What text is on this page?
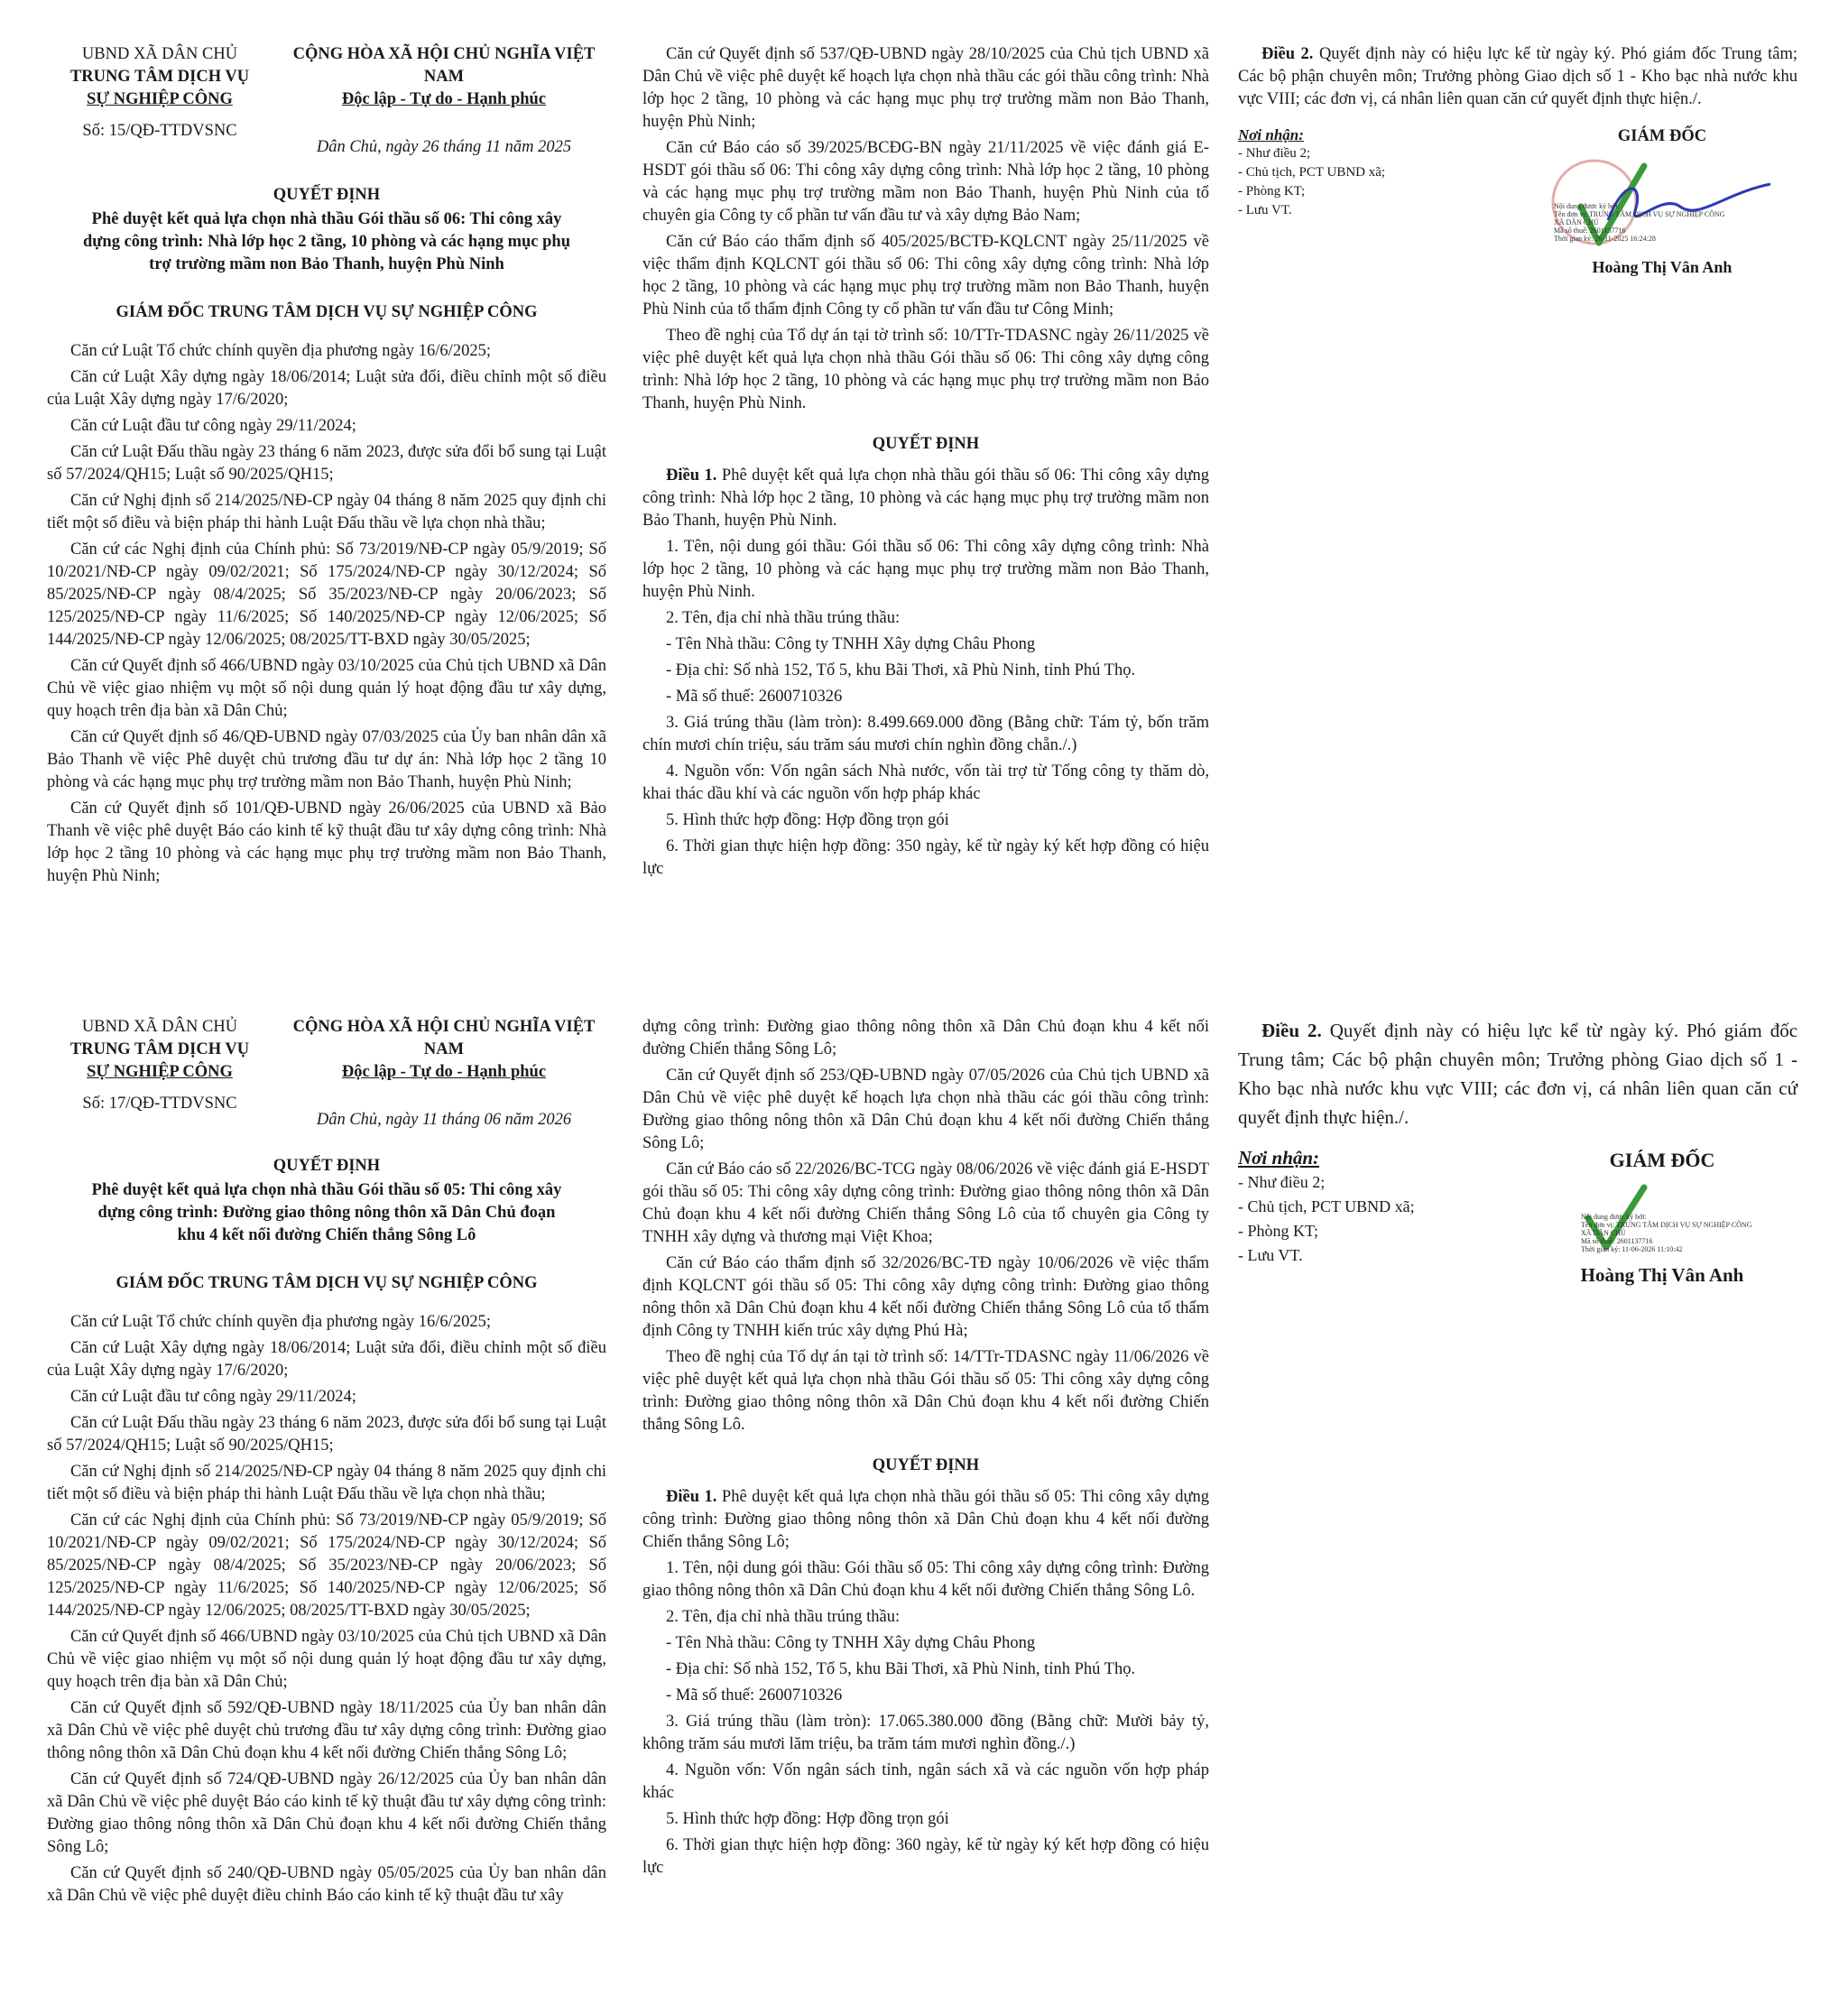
UBND XÃ DÂN CHỦ
TRUNG TÂM DỊCH VỤ
SỰ NGHIỆP CÔNG
Số: 15/QĐ-TTDVSNC
CỘNG HÒA XÃ HỘI CHỦ NGHĨA VIỆT NAM
Độc lập - Tự do - Hạnh phúc
Dân Chủ, ngày 26 tháng 11 năm 2025
QUYẾT ĐỊNH
Phê duyệt kết quả lựa chọn nhà thầu Gói thầu số 06: Thi công xây dựng công trình: Nhà lớp học 2 tầng, 10 phòng và các hạng mục phụ trợ trường mầm non Bảo Thanh, huyện Phù Ninh
GIÁM ĐỐC TRUNG TÂM DỊCH VỤ SỰ NGHIỆP CÔNG

Căn cứ Luật Tổ chức chính quyền địa phương ngày 16/6/2025;

Căn cứ Luật Xây dựng ngày 18/06/2014; Luật sửa đổi, điều chỉnh một số điều của Luật Xây dựng ngày 17/6/2020;

Căn cứ Luật đầu tư công ngày 29/11/2024;

Căn cứ Luật Đấu thầu ngày 23 tháng 6 năm 2023, được sửa đổi bổ sung tại Luật số 57/2024/QH15; Luật số 90/2025/QH15;

Căn cứ Nghị định số 214/2025/NĐ-CP ngày 04 tháng 8 năm 2025 quy định chi tiết một số điều và biện pháp thi hành Luật Đấu thầu về lựa chọn nhà thầu;

Căn cứ các Nghị định của Chính phủ: Số 73/2019/NĐ-CP ngày 05/9/2019; Số 10/2021/NĐ-CP ngày 09/02/2021; Số 175/2024/NĐ-CP ngày 30/12/2024; Số 85/2025/NĐ-CP ngày 08/4/2025; Số 35/2023/NĐ-CP ngày 20/06/2023; Số 125/2025/NĐ-CP ngày 11/6/2025; Số 140/2025/NĐ-CP ngày 12/06/2025; Số 144/2025/NĐ-CP ngày 12/06/2025; 08/2025/TT-BXD ngày 30/05/2025;

Căn cứ Quyết định số 466/UBND ngày 03/10/2025 của Chủ tịch UBND xã Dân Chủ về việc giao nhiệm vụ một số nội dung quản lý hoạt động đầu tư xây dựng, quy hoạch trên địa bàn xã Dân Chủ;

Căn cứ Quyết định số 46/QĐ-UBND ngày 07/03/2025 của Ủy ban nhân dân xã Bảo Thanh về việc Phê duyệt chủ trương đầu tư dự án: Nhà lớp học 2 tầng 10 phòng và các hạng mục phụ trợ trường mầm non Bảo Thanh, huyện Phù Ninh;

Căn cứ Quyết định số 101/QĐ-UBND ngày 26/06/2025 của UBND xã Bảo Thanh về việc phê duyệt Báo cáo kinh tế kỹ thuật đầu tư xây dựng công trình: Nhà lớp học 2 tầng 10 phòng và các hạng mục phụ trợ trường mầm non Bảo Thanh, huyện Phù Ninh;

Căn cứ Quyết định số 537/QĐ-UBND ngày 28/10/2025 của Chủ tịch UBND xã Dân Chủ về việc phê duyệt kế hoạch lựa chọn nhà thầu các gói thầu công trình: Nhà lớp học 2 tầng, 10 phòng và các hạng mục phụ trợ trường mầm non Bảo Thanh, huyện Phù Ninh;

Căn cứ Báo cáo số 39/2025/BCĐG-BN ngày 21/11/2025 về việc đánh giá E-HSDT gói thầu số 06: Thi công xây dựng công trình: Nhà lớp học 2 tầng, 10 phòng và các hạng mục phụ trợ trường mầm non Bảo Thanh, huyện Phù Ninh của tổ chuyên gia Công ty cổ phần tư vấn đầu tư và xây dựng Bảo Nam;

Căn cứ Báo cáo thẩm định số 405/2025/BCTĐ-KQLCNT ngày 25/11/2025 về việc thẩm định KQLCNT gói thầu số 06: Thi công xây dựng công trình: Nhà lớp học 2 tầng, 10 phòng và các hạng mục phụ trợ trường mầm non Bảo Thanh, huyện Phù Ninh của tổ thẩm định Công ty cổ phần tư vấn đầu tư Công Minh;

Theo đề nghị của Tổ dự án tại tờ trình số: 10/TTr-TDASNC ngày 26/11/2025 về việc phê duyệt kết quả lựa chọn nhà thầu Gói thầu số 06: Thi công xây dựng công trình: Nhà lớp học 2 tầng, 10 phòng và các hạng mục phụ trợ trường mầm non Bảo Thanh, huyện Phù Ninh.

QUYẾT ĐỊNH

Điều 1. Phê duyệt kết quả lựa chọn nhà thầu gói thầu số 06: Thi công xây dựng công trình: Nhà lớp học 2 tầng, 10 phòng và các hạng mục phụ trợ trường mầm non Bảo Thanh, huyện Phù Ninh.

1. Tên, nội dung gói thầu: Gói thầu số 06: Thi công xây dựng công trình: Nhà lớp học 2 tầng, 10 phòng và các hạng mục phụ trợ trường mầm non Bảo Thanh, huyện Phù Ninh.

2. Tên, địa chỉ nhà thầu trúng thầu:

- Tên Nhà thầu: Công ty TNHH Xây dựng Châu Phong

- Địa chỉ: Số nhà 152, Tổ 5, khu Bãi Thơi, xã Phù Ninh, tỉnh Phú Thọ.

- Mã số thuế: 2600710326

3. Giá trúng thầu (làm tròn): 8.499.669.000 đồng (Bằng chữ: Tám tỷ, bốn trăm chín mươi chín triệu, sáu trăm sáu mươi chín nghìn đồng chẵn./.)

4. Nguồn vốn: Vốn ngân sách Nhà nước, vốn tài trợ từ Tổng công ty thăm dò, khai thác dầu khí và các nguồn vốn hợp pháp khác

5. Hình thức hợp đồng: Hợp đồng trọn gói

6. Thời gian thực hiện hợp đồng: 350 ngày, kể từ ngày ký kết hợp đồng có hiệu lực

Điều 2. Quyết định này có hiệu lực kể từ ngày ký. Phó giám đốc Trung tâm; Các bộ phận chuyên môn; Trưởng phòng Giao dịch số 1 - Kho bạc nhà nước khu vực VIII; các đơn vị, cá nhân liên quan căn cứ quyết định thực hiện./.

Nơi nhận:
- Như điều 2;
- Chủ tịch, PCT UBND xã;
- Phòng KT;
- Lưu VT.
GIÁM ĐỐC
Nội dung được ký bởi:
Tên đơn vị: TRUNG TÂM DỊCH VỤ SỰ NGHIỆP CÔNG
XÃ DÂN CHỦ
Mã số thuế: 2601137716
Thời gian ký: 26-11-2025 16:24:28
Hoàng Thị Vân Anh
UBND XÃ DÂN CHỦ
TRUNG TÂM DỊCH VỤ
SỰ NGHIỆP CÔNG
Số: 17/QĐ-TTDVSNC
CỘNG HÒA XÃ HỘI CHỦ NGHĨA VIỆT NAM
Độc lập - Tự do - Hạnh phúc
Dân Chủ, ngày 11 tháng 06 năm 2026
QUYẾT ĐỊNH
Phê duyệt kết quả lựa chọn nhà thầu Gói thầu số 05: Thi công xây dựng công trình: Đường giao thông nông thôn xã Dân Chủ đoạn khu 4 kết nối đường Chiến thắng Sông Lô
GIÁM ĐỐC TRUNG TÂM DỊCH VỤ SỰ NGHIỆP CÔNG

Căn cứ Luật Tổ chức chính quyền địa phương ngày 16/6/2025;

Căn cứ Luật Xây dựng ngày 18/06/2014; Luật sửa đổi, điều chỉnh một số điều của Luật Xây dựng ngày 17/6/2020;

Căn cứ Luật đầu tư công ngày 29/11/2024;

Căn cứ Luật Đấu thầu ngày 23 tháng 6 năm 2023, được sửa đổi bổ sung tại Luật số 57/2024/QH15; Luật số 90/2025/QH15;

Căn cứ Nghị định số 214/2025/NĐ-CP ngày 04 tháng 8 năm 2025 quy định chi tiết một số điều và biện pháp thi hành Luật Đấu thầu về lựa chọn nhà thầu;

Căn cứ các Nghị định của Chính phủ: Số 73/2019/NĐ-CP ngày 05/9/2019; Số 10/2021/NĐ-CP ngày 09/02/2021; Số 175/2024/NĐ-CP ngày 30/12/2024; Số 85/2025/NĐ-CP ngày 08/4/2025; Số 35/2023/NĐ-CP ngày 20/06/2023; Số 125/2025/NĐ-CP ngày 11/6/2025; Số 140/2025/NĐ-CP ngày 12/06/2025; Số 144/2025/NĐ-CP ngày 12/06/2025; 08/2025/TT-BXD ngày 30/05/2025;

Căn cứ Quyết định số 466/UBND ngày 03/10/2025 của Chủ tịch UBND xã Dân Chủ về việc giao nhiệm vụ một số nội dung quản lý hoạt động đầu tư xây dựng, quy hoạch trên địa bàn xã Dân Chủ;

Căn cứ Quyết định số 592/QĐ-UBND ngày 18/11/2025 của Ủy ban nhân dân xã Dân Chủ về việc phê duyệt chủ trương đầu tư xây dựng công trình: Đường giao thông nông thôn xã Dân Chủ đoạn khu 4 kết nối đường Chiến thắng Sông Lô;

Căn cứ Quyết định số 724/QĐ-UBND ngày 26/12/2025 của Ủy ban nhân dân xã Dân Chủ về việc phê duyệt Báo cáo kinh tế kỹ thuật đầu tư xây dựng công trình: Đường giao thông nông thôn xã Dân Chủ đoạn khu 4 kết nối đường Chiến thắng Sông Lô;

Căn cứ Quyết định số 240/QĐ-UBND ngày 05/05/2025 của Ủy ban nhân dân xã Dân Chủ về việc phê duyệt điều chỉnh Báo cáo kinh tế kỹ thuật đầu tư xây

dựng công trình: Đường giao thông nông thôn xã Dân Chủ đoạn khu 4 kết nối đường Chiến thắng Sông Lô;

Căn cứ Quyết định số 253/QĐ-UBND ngày 07/05/2026 của Chủ tịch UBND xã Dân Chủ về việc phê duyệt kế hoạch lựa chọn nhà thầu các gói thầu công trình: Đường giao thông nông thôn xã Dân Chủ đoạn khu 4 kết nối đường Chiến thắng Sông Lô;

Căn cứ Báo cáo số 22/2026/BC-TCG ngày 08/06/2026 về việc đánh giá E-HSDT gói thầu số 05: Thi công xây dựng công trình: Đường giao thông nông thôn xã Dân Chủ đoạn khu 4 kết nối đường Chiến thắng Sông Lô của tổ chuyên gia Công ty TNHH xây dựng và thương mại Việt Khoa;

Căn cứ Báo cáo thẩm định số 32/2026/BC-TĐ ngày 10/06/2026 về việc thẩm định KQLCNT gói thầu số 05: Thi công xây dựng công trình: Đường giao thông nông thôn xã Dân Chủ đoạn khu 4 kết nối đường Chiến thắng Sông Lô của tổ thẩm định Công ty TNHH kiến trúc xây dựng Phú Hà;

Theo đề nghị của Tổ dự án tại tờ trình số: 14/TTr-TDASNC ngày 11/06/2026 về việc phê duyệt kết quả lựa chọn nhà thầu Gói thầu số 05: Thi công xây dựng công trình: Đường giao thông nông thôn xã Dân Chủ đoạn khu 4 kết nối đường Chiến thắng Sông Lô.

QUYẾT ĐỊNH

Điều 1. Phê duyệt kết quả lựa chọn nhà thầu gói thầu số 05: Thi công xây dựng công trình: Đường giao thông nông thôn xã Dân Chủ đoạn khu 4 kết nối đường Chiến thắng Sông Lô;

1. Tên, nội dung gói thầu: Gói thầu số 05: Thi công xây dựng công trình: Đường giao thông nông thôn xã Dân Chủ đoạn khu 4 kết nối đường Chiến thắng Sông Lô.

2. Tên, địa chỉ nhà thầu trúng thầu:

- Tên Nhà thầu: Công ty TNHH Xây dựng Châu Phong

- Địa chỉ: Số nhà 152, Tổ 5, khu Bãi Thơi, xã Phù Ninh, tỉnh Phú Thọ.

- Mã số thuế: 2600710326

3. Giá trúng thầu (làm tròn): 17.065.380.000 đồng (Bằng chữ: Mười bảy tỷ, không trăm sáu mươi lăm triệu, ba trăm tám mươi nghìn đồng./.)

4. Nguồn vốn: Vốn ngân sách tỉnh, ngân sách xã và các nguồn vốn hợp pháp khác

5. Hình thức hợp đồng: Hợp đồng trọn gói

6. Thời gian thực hiện hợp đồng: 360 ngày, kể từ ngày ký kết hợp đồng có hiệu lực

Điều 2. Quyết định này có hiệu lực kể từ ngày ký. Phó giám đốc Trung tâm; Các bộ phận chuyên môn; Trưởng phòng Giao dịch số 1 - Kho bạc nhà nước khu vực VIII; các đơn vị, cá nhân liên quan căn cứ quyết định thực hiện./.

Nơi nhận:
- Như điều 2;
- Chủ tịch, PCT UBND xã;
- Phòng KT;
- Lưu VT.
GIÁM ĐỐC
Nội dung được ký bởi:
Tên đơn vị: TRUNG TÂM DỊCH VỤ SỰ NGHIỆP CÔNG
XÃ DÂN CHỦ
Mã số thuế: 2601137716
Thời gian ký: 11-06-2026 11:10:42
Hoàng Thị Vân Anh
